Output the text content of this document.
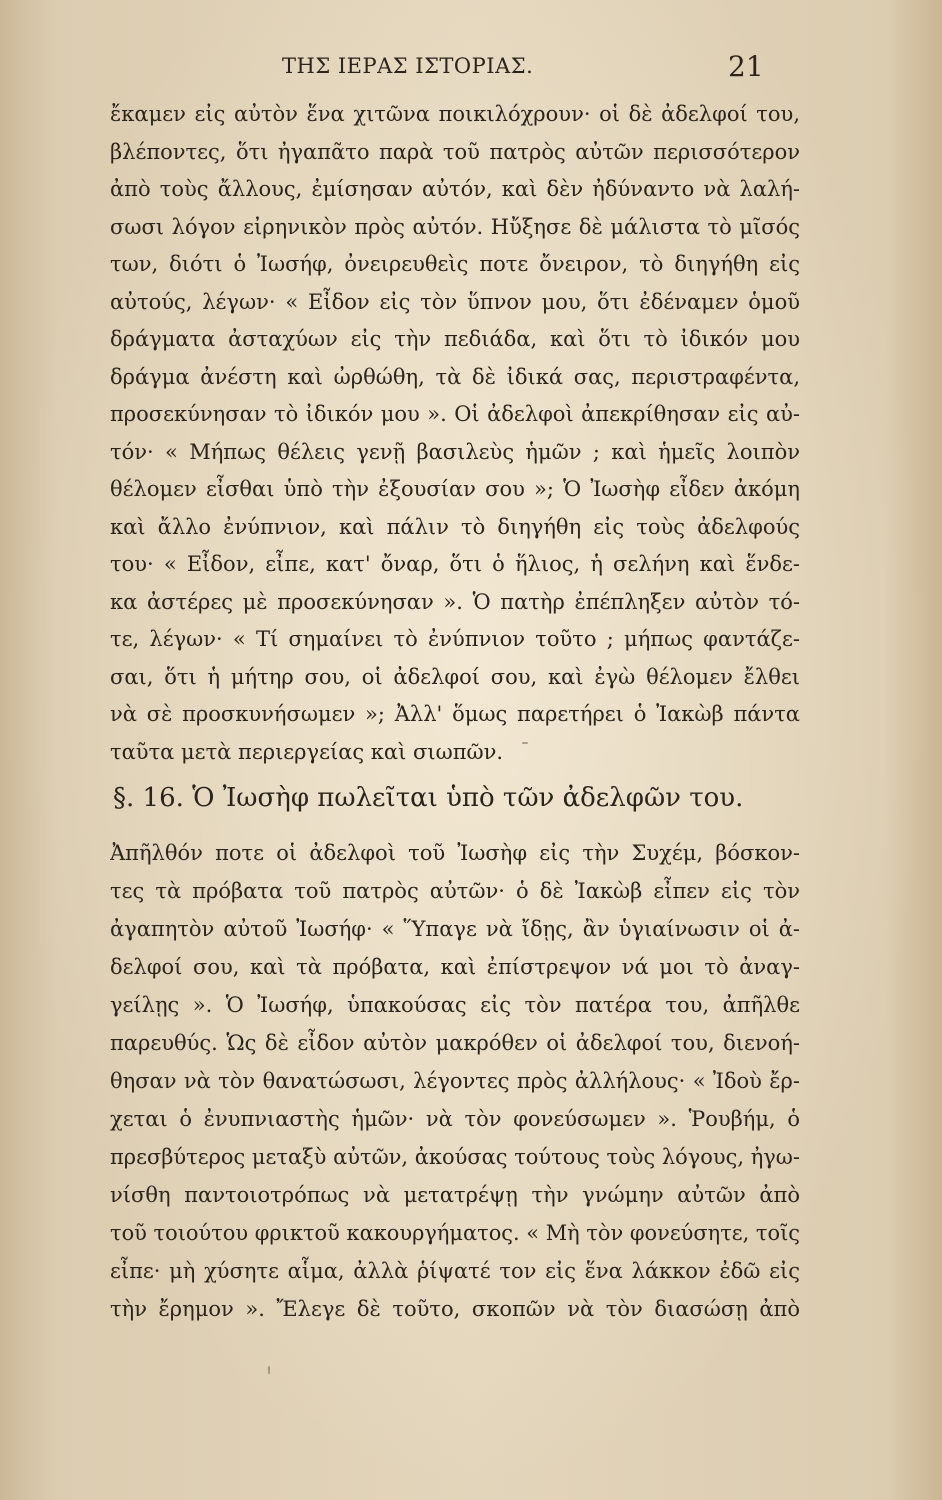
ΤΗΣ ΙΕΡΑΣ ΙΣΤΟΡΙΑΣ.	21
ἔκαμεν εἰς αὐτὸν ἕνα χιτῶνα ποικιλόχρουν· οἱ δὲ ἀδελφοί του,
βλέποντες, ὅτι ἠγαπᾶτο παρὰ τοῦ πατρὸς αὐτῶν περισσότερον
ἀπὸ τοὺς ἄλλους, ἐμίσησαν αὐτόν, καὶ δὲν ἠδύναντο νὰ λαλή-
σωσι λόγον εἰρηνικὸν πρὸς αὐτόν. Ηὔξησε δὲ μάλιστα τὸ μῖσός
των, διότι ὁ Ἰωσήφ, ὀνειρευθεὶς ποτε ὄνειρον, τὸ διηγήθη εἰς
αὐτούς, λέγων· « Εἶδον εἰς τὸν ὕπνον μου, ὅτι ἐδέναμεν ὁμοῦ
δράγματα ἀσταχύων εἰς τὴν πεδιάδα, καὶ ὅτι τὸ ἰδικόν μου
δράγμα ἀνέστη καὶ ὠρθώθη, τὰ δὲ ἰδικά σας, περιστραφέντα,
προσεκύνησαν τὸ ἰδικόν μου ». Οἱ ἀδελφοὶ ἀπεκρίθησαν εἰς αὐ-
τόν· « Μήπως θέλεις γενῇ βασιλεὺς ἡμῶν ; καὶ ἡμεῖς λοιπὸν
θέλομεν εἶσθαι ὑπὸ τὴν ἐξουσίαν σου »; Ὁ Ἰωσὴφ εἶδεν ἀκόμη
καὶ ἄλλο ἐνύπνιον, καὶ πάλιν τὸ διηγήθη εἰς τοὺς ἀδελφούς
του· « Εἶδον, εἶπε, κατ' ὄναρ, ὅτι ὁ ἥλιος, ἡ σελήνη καὶ ἕνδε-
κα ἀστέρες μὲ προσεκύνησαν ». Ὁ πατὴρ ἐπέπληξεν αὐτὸν τό-
τε, λέγων· « Τί σημαίνει τὸ ἐνύπνιον τοῦτο ; μήπως φαντάζε-
σαι, ὅτι ἡ μήτηρ σου, οἱ ἀδελφοί σου, καὶ ἐγὼ θέλομεν ἔλθει
νὰ σὲ προσκυνήσωμεν »; Ἀλλ' ὅμως παρετήρει ὁ Ἰακὼβ πάντα
ταῦτα μετὰ περιεργείας καὶ σιωπῶν.
§. 16. Ὁ Ἰωσὴφ πωλεῖται ὑπὸ τῶν ἀδελφῶν του.
Ἀπῆλθόν ποτε οἱ ἀδελφοὶ τοῦ Ἰωσὴφ εἰς τὴν Συχέμ, βόσκον-
τες τὰ πρόβατα τοῦ πατρὸς αὐτῶν· ὁ δὲ Ἰακὼβ εἶπεν εἰς τὸν
ἀγαπητὸν αὐτοῦ Ἰωσήφ· « Ὕπαγε νὰ ἴδῃς, ἂν ὑγιαίνωσιν οἱ ἀ-
δελφοί σου, καὶ τὰ πρόβατα, καὶ ἐπίστρεψον νά μοι τὸ ἀναγ-
γείλῃς ». Ὁ Ἰωσήφ, ὑπακούσας εἰς τὸν πατέρα του, ἀπῆλθε
παρευθύς. Ὡς δὲ εἶδον αὐτὸν μακρόθεν οἱ ἀδελφοί του, διενοή-
θησαν νὰ τὸν θανατώσωσι, λέγοντες πρὸς ἀλλήλους· « Ἰδοὺ ἔρ-
χεται ὁ ἐνυπνιαστὴς ἡμῶν· νὰ τὸν φονεύσωμεν ». Ῥουβήμ, ὁ
πρεσβύτερος μεταξὺ αὐτῶν, ἀκούσας τούτους τοὺς λόγους, ἠγω-
νίσθη παντοιοτρόπως νὰ μετατρέψῃ τὴν γνώμην αὐτῶν ἀπὸ
τοῦ τοιούτου φρικτοῦ κακουργήματος. « Μὴ τὸν φονεύσητε, τοῖς
εἶπε· μὴ χύσητε αἷμα, ἀλλὰ ῥίψατέ τον εἰς ἕνα λάκκον ἐδῶ εἰς
τὴν ἔρημον ». Ἔλεγε δὲ τοῦτο, σκοπῶν νὰ τὸν διασώσῃ ἀπὸ
